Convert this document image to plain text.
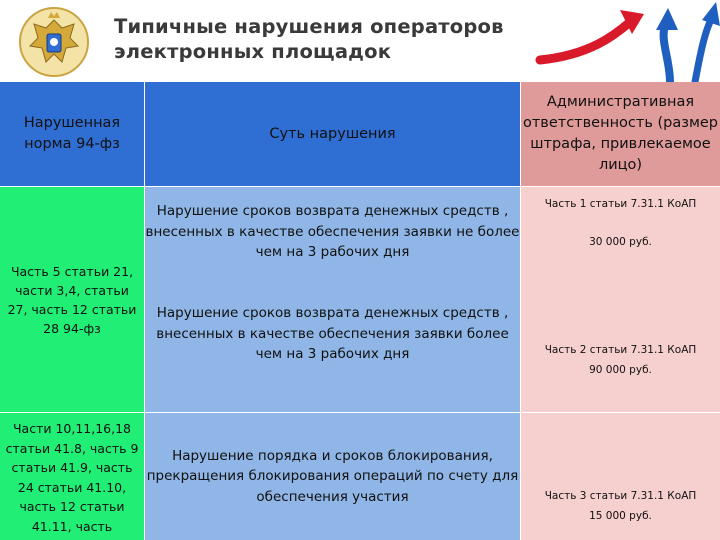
Типичные нарушения операторов
электронных площадок
Нарушенная норма 94-фз
Суть нарушения
Административная ответственность (размер штрафа, привлекаемое лицо)
Часть 5 статьи 21, части 3,4, статьи 27, часть 12 статьи 28 94-фз
Части 10,11,16,18 статьи 41.8, часть 9 статьи 41.9, часть 24 статьи 41.10, часть 12 статьи 41.11, часть
Нарушение сроков возврата денежных средств , внесенных в качестве обеспечения заявки не более чем на 3 рабочих дня
Нарушение сроков возврата денежных средств , внесенных в качестве обеспечения заявки более чем на 3 рабочих дня
Нарушение порядка и сроков блокирования, прекращения блокирования операций по счету для обеспечения участия
Часть 1 статьи 7.31.1 КоАП
30 000 руб.
Часть 2 статьи 7.31.1 КоАП
90 000 руб.
Часть 3 статьи 7.31.1 КоАП
15 000 руб.
